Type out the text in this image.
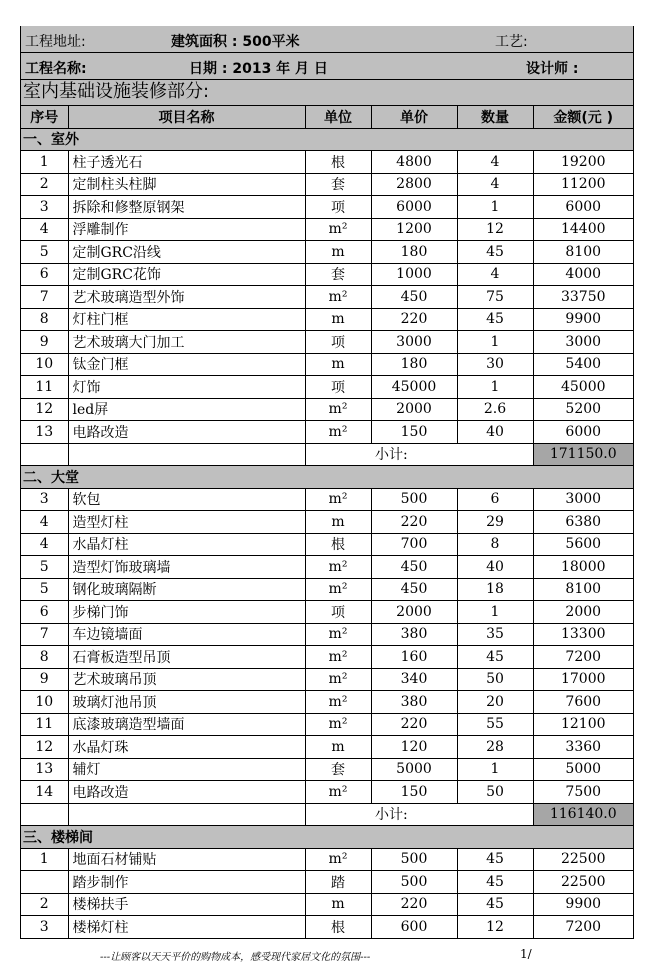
工程地址:	建筑面积 : 500平米	工艺:
工程名称:	日期 : 2013 年 月 日	设计师 :
室内基础设施装修部分:
序号	项目名称	单位	单价	数量	金额(元 )
一、室外					
1	柱子透光石	根	4800	4	19200
2	定制柱头柱脚	套	2800	4	11200
3	拆除和修整原钢架	项	6000	1	6000
4	浮雕制作	m²	1200	12	14400
5	定制GRC沿线	m	180	45	8100
6	定制GRC花饰	套	1000	4	4000
7	艺术玻璃造型外饰	m²	450	75	33750
8	灯柱门框	m	220	45	9900
9	艺术玻璃大门加工	项	3000	1	3000
10	钛金门框	m	180	30	5400
11	灯饰	项	45000	1	45000
12	led屏	m²	2000	2.6	5200
13	电路改造	m²	150	40	6000
			小计:		171150.0
二、大堂					
3	软包	m²	500	6	3000
4	造型灯柱	m	220	29	6380
4	水晶灯柱	根	700	8	5600
5	造型灯饰玻璃墙	m²	450	40	18000
5	钢化玻璃隔断	m²	450	18	8100
6	步梯门饰	项	2000	1	2000
7	车边镜墙面	m²	380	35	13300
8	石膏板造型吊顶	m²	160	45	7200
9	艺术玻璃吊顶	m²	340	50	17000
10	玻璃灯池吊顶	m²	380	20	7600
11	底漆玻璃造型墙面	m²	220	55	12100
12	水晶灯珠	m	120	28	3360
13	辅灯	套	5000	1	5000
14	电路改造	m²	150	50	7500
			小计:		116140.0
三、楼梯间					
1	地面石材铺贴	m²	500	45	22500
	踏步制作	踏	500	45	22500
2	楼梯扶手	m	220	45	9900
3	楼梯灯柱	根	600	12	7200
---让顾客以天天平价的购物成本，感受现代家居文化的氛围---	1/
